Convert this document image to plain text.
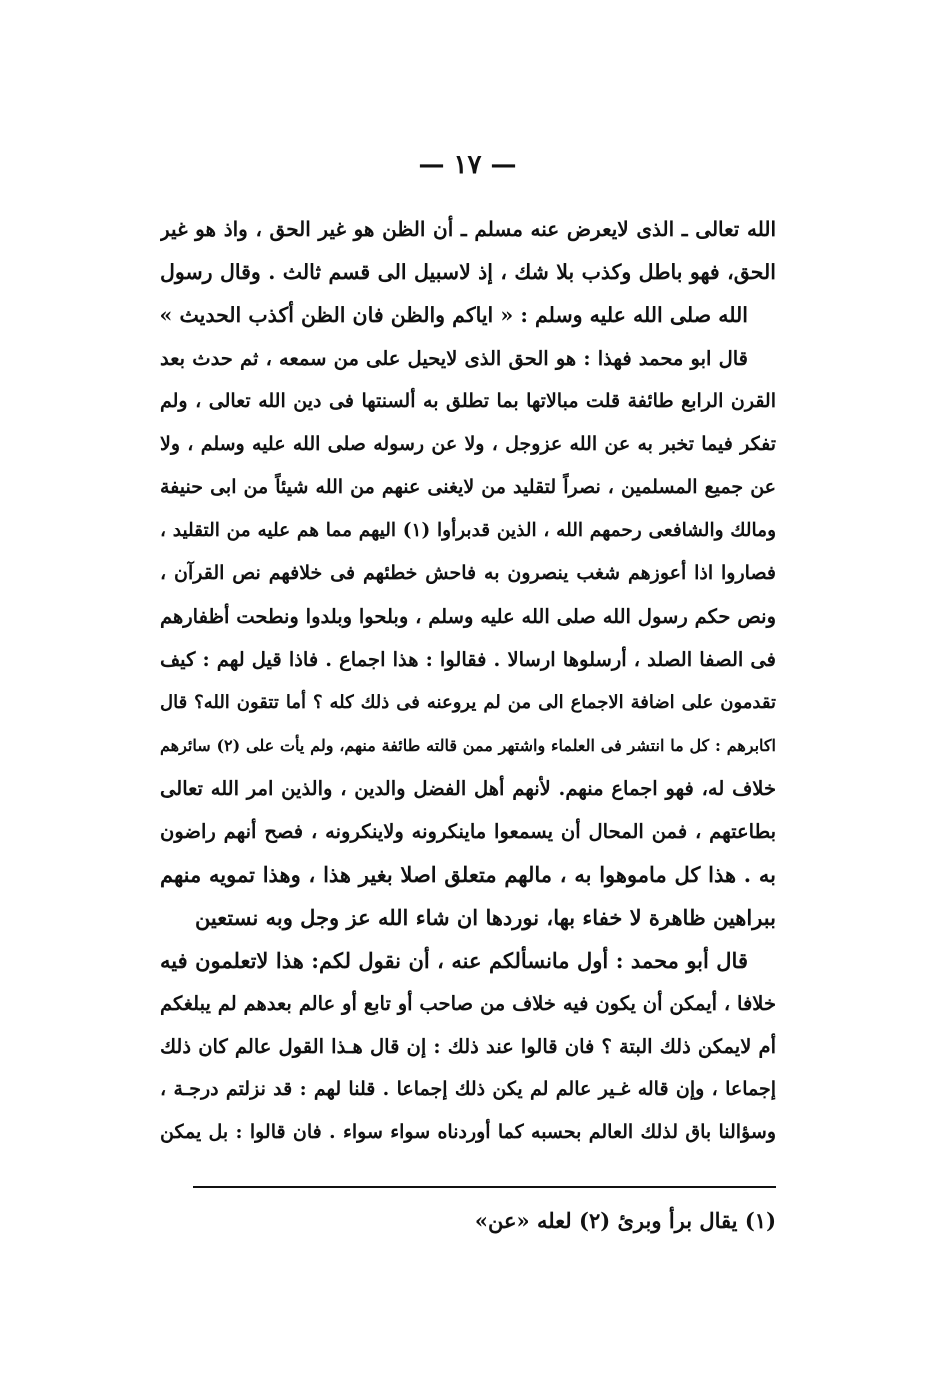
— ١٧ —
الله تعالى ـ الذى لايعرض عنه مسلم ـ أن الظن هو غير الحق ، واذ هو غير
الحق، فهو باطل وكذب بلا شك ، إذ لاسبيل الى قسم ثالث . وقال رسول
الله صلى الله عليه وسلم : « اياكم والظن فان الظن أكذب الحديث »
قال ابو محمد فهذا : هو الحق الذى لايحيل على من سمعه ، ثم حدث بعد
القرن الرابع طائفة قلت مبالاتها بما تطلق به ألسنتها فى دين الله تعالى ، ولم
تفكر فيما تخبر به عن الله عزوجل ، ولا عن رسوله صلى الله عليه وسلم ، ولا
عن جميع المسلمين ، نصراً لتقليد من لايغنى عنهم من الله شيئاً من ابى حنيفة
ومالك والشافعى رحمهم الله ، الذين قدبرأوا (١) اليهم مما هم عليه من التقليد ،
فصاروا اذا أعوزهم شغب ينصرون به فاحش خطئهم فى خلافهم نص القرآن ،
ونص حكم رسول الله صلى الله عليه وسلم ، وبلحوا وبلدوا ونطحت أظفارهم
فى الصفا الصلد ، أرسلوها ارسالا . فقالوا : هذا اجماع . فاذا قيل لهم : كيف
تقدمون على اضافة الاجماع الى من لم يروعنه فى ذلك كله ؟ أما تتقون الله؟ قال
اكابرهم : كل ما انتشر فى العلماء واشتهر ممن قالته طائفة منهم، ولم يأت على (٢) سائرهم
خلاف له، فهو اجماع منهم. لأنهم أهل الفضل والدين ، والذين امر الله تعالى
بطاعتهم ، فمن المحال أن يسمعوا ماينكرونه ولاينكرونه ، فصح أنهم راضون
به . هذا كل ماموهوا به ، مالهم متعلق اصلا بغير هذا ، وهذا تمويه منهم
ببراهين ظاهرة لا خفاء بها، نوردها ان شاء الله عز وجل وبه نستعين
قال أبو محمد : أول مانسألكم عنه ، أن نقول لكم: هذا لاتعلمون فيه
خلافا ، أيمكن أن يكون فيه خلاف من صاحب أو تابع أو عالم بعدهم لم يبلغكم
أم لايمكن ذلك البتة ؟ فان قالوا عند ذلك : إن قال هـذا القول عالم كان ذلك
إجماعا ، وإن قاله غـير عالم لم يكن ذلك إجماعا . قلنا لهم : قد نزلتم درجـة ،
وسؤالنا باق لذلك العالم بحسبه كما أوردناه سواء سواء . فان قالوا : بل يمكن
(١) يقال برأ وبرئ (٢) لعله «عن»
